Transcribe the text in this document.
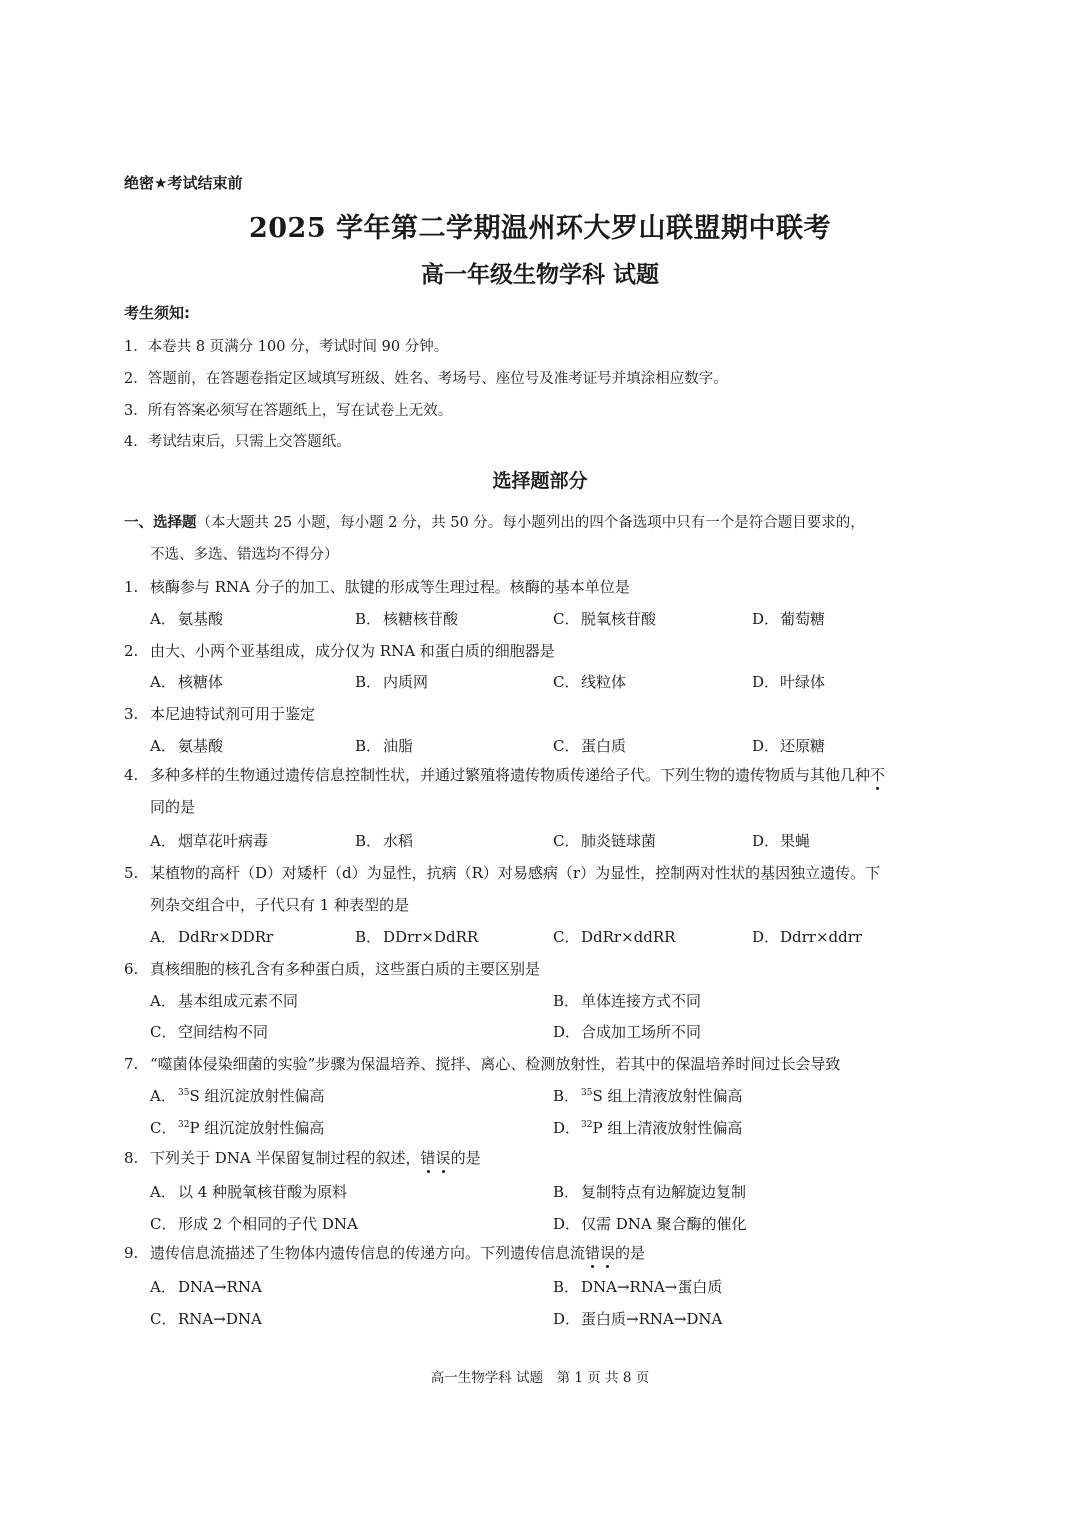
绝密★考试结束前
2025 学年第二学期温州环大罗山联盟期中联考
高一年级生物学科 试题
考生须知:
1．本卷共 8 页满分 100 分，考试时间 90 分钟。
2．答题前，在答题卷指定区域填写班级、姓名、考场号、座位号及准考证号并填涂相应数字。
3．所有答案必须写在答题纸上，写在试卷上无效。
4．考试结束后，只需上交答题纸。
选择题部分
一、选择题（本大题共 25 小题，每小题 2 分，共 50 分。每小题列出的四个备选项中只有一个是符合题目要求的，
不选、多选、错选均不得分）
1. 核酶参与 RNA 分子的加工、肽键的形成等生理过程。核酶的基本单位是
A． 氨基酸	B． 核糖核苷酸	C． 脱氧核苷酸	D．葡萄糖
2. 由大、小两个亚基组成，成分仅为 RNA 和蛋白质的细胞器是
A． 核糖体	B． 内质网	C． 线粒体	D．叶绿体
3. 本尼迪特试剂可用于鉴定
A． 氨基酸	B． 油脂	C． 蛋白质	D．还原糖
4. 多种多样的生物通过遗传信息控制性状，并通过繁殖将遗传物质传递给子代。下列生物的遗传物质与其他几种不
同的是
A． 烟草花叶病毒	B． 水稻	C． 肺炎链球菌	D．果蝇
5. 某植物的高杆（D）对矮杆（d）为显性，抗病（R）对易感病（r）为显性，控制两对性状的基因独立遗传。下
列杂交组合中，子代只有 1 种表型的是
A． DdRr×DDRr	B． DDrr×DdRR	C． DdRr×ddRR	D．Ddrr×ddrr
6. 真核细胞的核孔含有多种蛋白质，这些蛋白质的主要区别是
A． 基本组成元素不同	B． 单体连接方式不同
C． 空间结构不同	D．合成加工场所不同
7. “噬菌体侵染细菌的实验”步骤为保温培养、搅拌、离心、检测放射性，若其中的保温培养时间过长会导致
A． $^{35}$S 组沉淀放射性偏高	B． $^{35}$S 组上清液放射性偏高
C． $^{32}$P 组沉淀放射性偏高	D．$^{32}$P 组上清液放射性偏高
8. 下列关于 DNA 半保留复制过程的叙述，错误的是
A． 以 4 种脱氧核苷酸为原料	B． 复制特点有边解旋边复制
C． 形成 2 个相同的子代 DNA	D．仅需 DNA 聚合酶的催化
9. 遗传信息流描述了生物体内遗传信息的传递方向。下列遗传信息流错误的是
A． DNA→RNA	B． DNA→RNA→蛋白质
C． RNA→DNA	D．蛋白质→RNA→DNA
高一生物学科 试题　第 1 页 共 8 页
